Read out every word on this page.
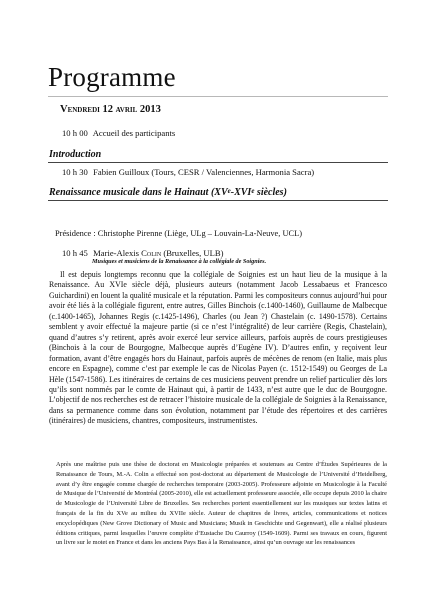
Programme
Vendredi 12 avril 2013
10 h 00 Accueil des participants
Introduction
10 h 30 Fabien Guilloux (Tours, CESR / Valenciennes, Harmonia Sacra)
Renaissance musicale dans le Hainaut (XVe-XVIe siècles)
Présidence : Christophe Pirenne (Liège, ULg – Louvain-La-Neuve, UCL)
10 h 45 Marie-Alexis Colin (Bruxelles, ULB)
Musiques et musiciens de la Renaissance à la collégiale de Soignies.
Il est depuis longtemps reconnu que la collégiale de Soignies est un haut lieu de la musique à la Renaissance. Au XVIe siècle déjà, plusieurs auteurs (notamment Jacob Lessabaeus et Francesco Guichardini) en louent la qualité musicale et la réputation. Parmi les compositeurs connus aujourd’hui pour avoir été liés à la collégiale figurent, entre autres, Gilles Binchois (c.1400-1460), Guillaume de Malbecque (c.1400-1465), Johannes Regis (c.1425-1496), Charles (ou Jean ?) Chastelain (c. 1490-1578). Certains semblent y avoir effectué la majeure partie (si ce n’est l’intégralité) de leur carrière (Regis, Chastelain), quand d’autres s’y retirent, après avoir exercé leur service ailleurs, parfois auprès de cours prestigieuses (Binchois à la cour de Bourgogne, Malbecque auprès d’Eugène IV). D’autres enfin, y reçoivent leur formation, avant d’être engagés hors du Hainaut, parfois auprès de mécènes de renom (en Italie, mais plus encore en Espagne), comme c’est par exemple le cas de Nicolas Payen (c. 1512-1549) ou Georges de La Hèle (1547-1586). Les itinéraires de certains de ces musiciens peuvent prendre un relief particulier dès lors qu’ils sont nommés par le comte de Hainaut qui, à partir de 1433, n’est autre que le duc de Bourgogne. L’objectif de nos recherches est de retracer l’histoire musicale de la collégiale de Soignies à la Renaissance, dans sa permanence comme dans son évolution, notamment par l’étude des répertoires et des carrières (itinéraires) de musiciens, chantres, compositeurs, instrumentistes.
Après une maîtrise puis une thèse de doctorat en Musicologie préparées et soutenues au Centre d’Études Supérieures de la Renaissance de Tours, M.-A. Colin a effectué son post-doctorat au département de Musicologie de l’Université d’Heidelberg, avant d’y être engagée comme chargée de recherches temporaire (2003-2005). Professeure adjointe en Musicologie à la Faculté de Musique de l’Université de Montréal (2005-2010), elle est actuellement professeure associée, elle occupe depuis 2010 la chaire de Musicologie de l’Université Libre de Bruxelles. Ses recherches portent essentiellement sur les musiques sur textes latins et français de la fin du XVe au milieu du XVIIe siècle. Auteur de chapitres de livres, articles, communications et notices encyclopédiques (New Grove Dictionary of Music and Musicians; Musik in Geschichte und Gegenwart), elle a réalisé plusieurs éditions critiques, parmi lesquelles l’œuvre complète d’Eustache Du Caurroy (1549-1609). Parmi ses travaux en cours, figurent un livre sur le motet en France et dans les anciens Pays Bas à la Renaissance, ainsi qu’un ouvrage sur les renaissances
